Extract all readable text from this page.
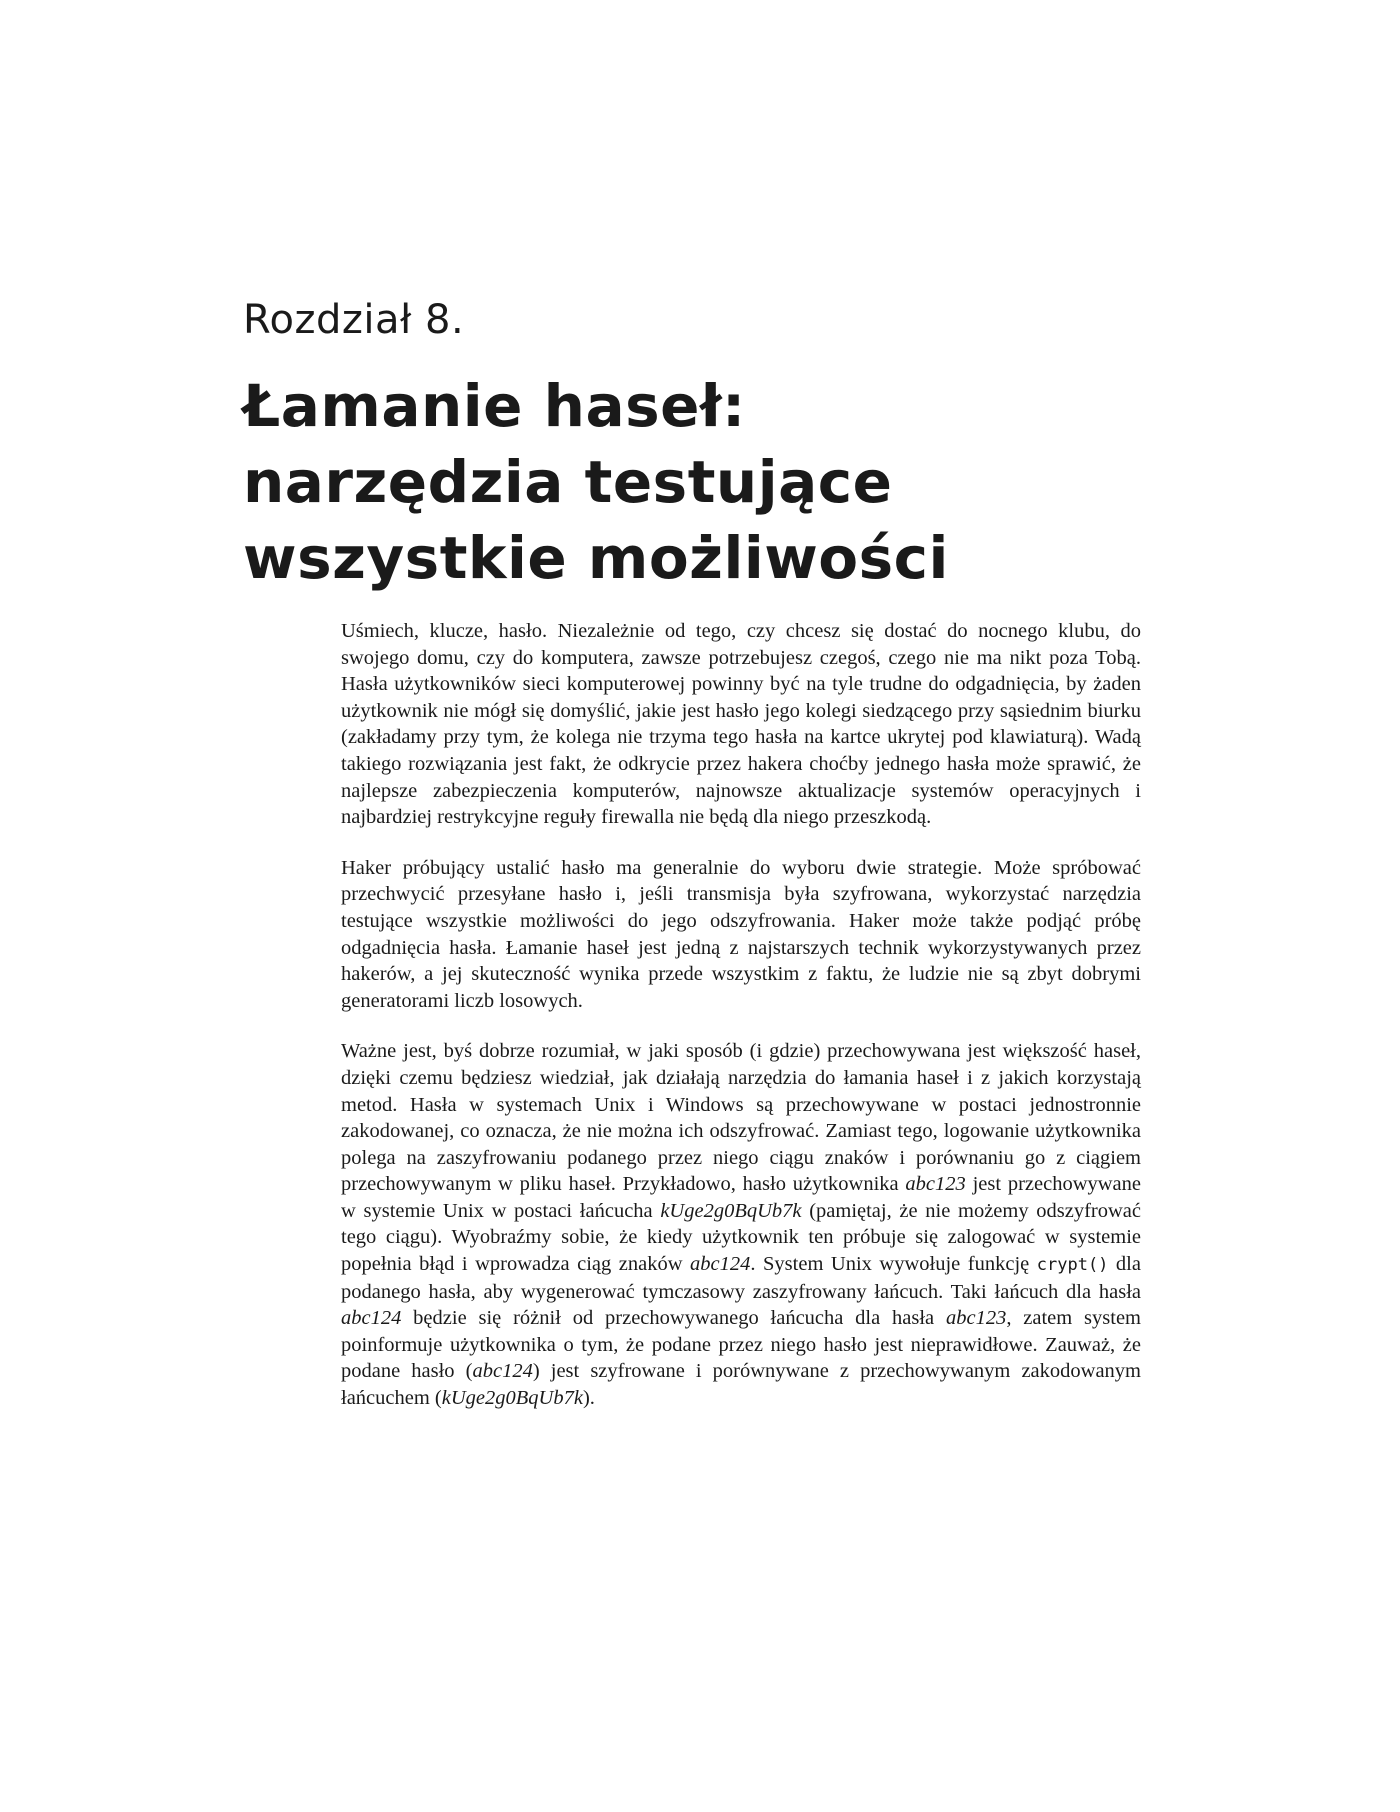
Rozdział 8.
Łamanie haseł:
narzędzia testujące
wszystkie możliwości

Uśmiech, klucze, hasło. Niezależnie od tego, czy chcesz się dostać do nocnego klubu, do swojego domu, czy do komputera, zawsze potrzebujesz czegoś, czego nie ma nikt poza Tobą. Hasła użytkowników sieci komputerowej powinny być na tyle trudne do odgadnięcia, by żaden użytkownik nie mógł się domyślić, jakie jest hasło jego kolegi siedzącego przy sąsiednim biurku (zakładamy przy tym, że kolega nie trzyma tego hasła na kartce ukrytej pod klawiaturą). Wadą takiego rozwiązania jest fakt, że odkrycie przez hakera choćby jednego hasła może sprawić, że najlepsze zabezpieczenia komputerów, najnowsze aktualizacje systemów operacyjnych i najbardziej restrykcyjne reguły firewalla nie będą dla niego przeszkodą.

Haker próbujący ustalić hasło ma generalnie do wyboru dwie strategie. Może spróbować przechwycić przesyłane hasło i, jeśli transmisja była szyfrowana, wykorzystać narzędzia testujące wszystkie możliwości do jego odszyfrowania. Haker może także podjąć próbę odgadnięcia hasła. Łamanie haseł jest jedną z najstarszych technik wykorzystywanych przez hakerów, a jej skuteczność wynika przede wszystkim z faktu, że ludzie nie są zbyt dobrymi generatorami liczb losowych.

Ważne jest, byś dobrze rozumiał, w jaki sposób (i gdzie) przechowywana jest większość haseł, dzięki czemu będziesz wiedział, jak działają narzędzia do łamania haseł i z jakich korzystają metod. Hasła w systemach Unix i Windows są przechowywane w postaci jednostronnie zakodowanej, co oznacza, że nie można ich odszyfrować. Zamiast tego, logowanie użytkownika polega na zaszyfrowaniu podanego przez niego ciągu znaków i porównaniu go z ciągiem przechowywanym w pliku haseł. Przykładowo, hasło użytkownika abc123 jest przechowywane w systemie Unix w postaci łańcucha kUge2g0BqUb7k (pamiętaj, że nie możemy odszyfrować tego ciągu). Wyobraźmy sobie, że kiedy użytkownik ten próbuje się zalogować w systemie popełnia błąd i wprowadza ciąg znaków abc124. System Unix wywołuje funkcję crypt() dla podanego hasła, aby wygenerować tymczasowy zaszyfrowany łańcuch. Taki łańcuch dla hasła abc124 będzie się różnił od przechowywanego łańcucha dla hasła abc123, zatem system poinformuje użytkownika o tym, że podane przez niego hasło jest nieprawidłowe. Zauważ, że podane hasło (abc124) jest szyfrowane i porównywane z przechowywanym zakodowanym łańcuchem (kUge2g0BqUb7k).
